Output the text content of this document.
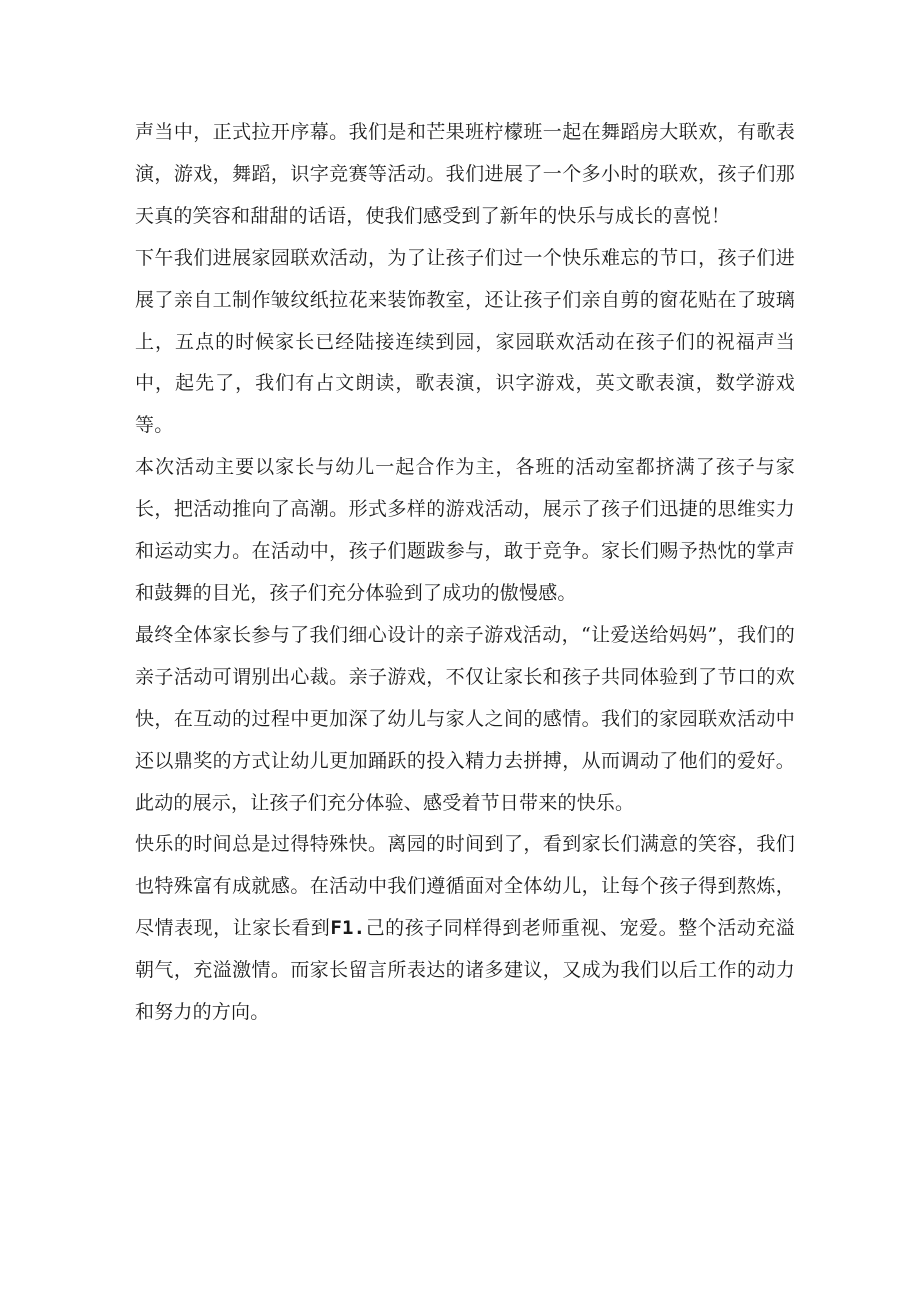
声当中，正式拉开序幕。我们是和芒果班柠檬班一起在舞蹈房大联欢，有歌表演，游戏，舞蹈，识字竞赛等活动。我们进展了一个多小时的联欢，孩子们那天真的笑容和甜甜的话语，使我们感受到了新年的快乐与成长的喜悦！

下午我们进展家园联欢活动，为了让孩子们过一个快乐难忘的节口，孩子们进展了亲自工制作皱纹纸拉花来装饰教室，还让孩子们亲自剪的窗花贴在了玻璃上，五点的时候家长已经陆接连续到园，家园联欢活动在孩子们的祝福声当中，起先了，我们有占文朗读，歌表演，识字游戏，英文歌表演，数学游戏等。

本次活动主要以家长与幼儿一起合作为主，各班的活动室都挤满了孩子与家长，把活动推向了高潮。形式多样的游戏活动，展示了孩子们迅捷的思维实力和运动实力。在活动中，孩子们题跋参与，敢于竞争。家长们赐予热忱的掌声和鼓舞的目光，孩子们充分体验到了成功的傲慢感。

最终全体家长参与了我们细心设计的亲子游戏活动，“让爱送给妈妈”，我们的亲子活动可谓别出心裁。亲子游戏，不仅让家长和孩子共同体验到了节口的欢快，在互动的过程中更加深了幼儿与家人之间的感情。我们的家园联欢活动中还以鼎奖的方式让幼儿更加踊跃的投入精力去拼搏，从而调动了他们的爱好。此动的展示，让孩子们充分体验、感受着节日带来的快乐。

快乐的时间总是过得特殊快。离园的时间到了，看到家长们满意的笑容，我们也特殊富有成就感。在活动中我们遵循面对全体幼儿，让每个孩子得到熬炼，尽情表现，让家长看到F1.己的孩子同样得到老师重视、宠爱。整个活动充溢朝气，充溢激情。而家长留言所表达的诸多建议，又成为我们以后工作的动力和努力的方向。
